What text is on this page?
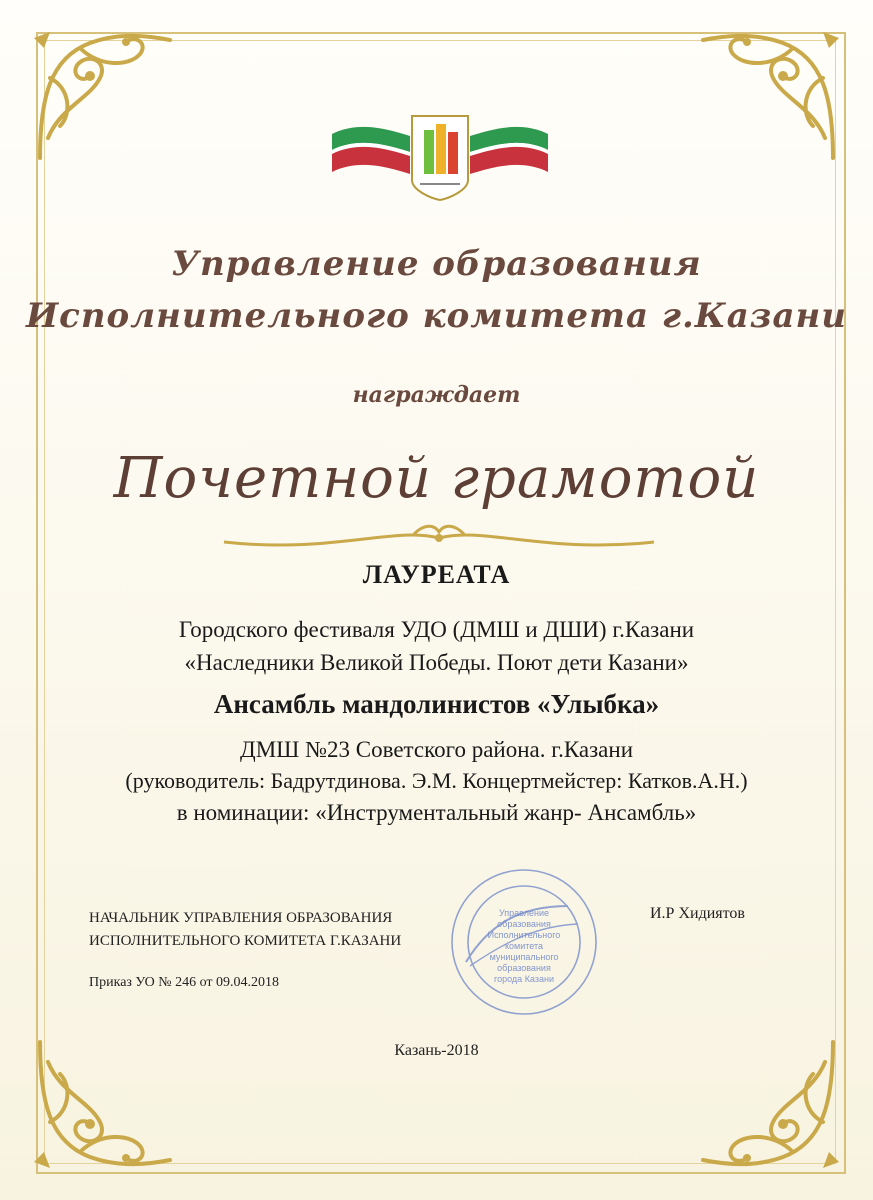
Управление образования
Исполнительного комитета г.Казани
награждает
Почетной грамотой
ЛАУРЕАТА
Городского фестиваля УДО (ДМШ и ДШИ) г.Казани
«Наследники Великой Победы. Поют дети Казани»
Ансамбль мандолинистов «Улыбка»
ДМШ №23 Советского района. г.Казани
(руководитель: Бадрутдинова. Э.М. Концертмейстер: Катков.А.Н.)
в номинации: «Инструментальный жанр- Ансамбль»
Управление
образования
Исполнительного
комитета
муниципального
образования
города Казани
НАЧАЛЬНИК УПРАВЛЕНИЯ ОБРАЗОВАНИЯ
ИСПОЛНИТЕЛЬНОГО КОМИТЕТА Г.КАЗАНИ
И.Р Хидиятов
Приказ УО № 246 от 09.04.2018
Казань-2018
